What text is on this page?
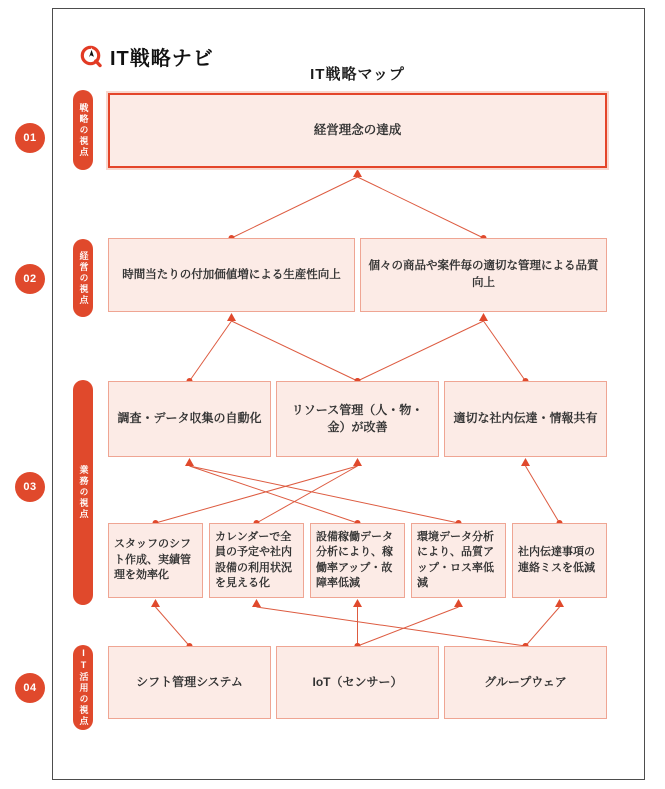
IT戦略ナビ
IT戦略マップ
01
02
03
04
戦略の視点
経営の視点
業務の視点
IT活用の視点
経営理念の達成
時間当たりの付加価値増による生産性向上
個々の商品や案件毎の適切な管理による品質向上
調査・データ収集の自動化
リソース管理（人・物・金）が改善
適切な社内伝達・情報共有
スタッフのシフト作成、実績管理を効率化
カレンダーで全員の予定や社内設備の利用状況を見える化
設備稼働データ分析により、稼働率アップ・故障率低減
環境データ分析により、品質アップ・ロス率低減
社内伝達事項の連絡ミスを低減
シフト管理システム	IoT（センサー）	グループウェア
